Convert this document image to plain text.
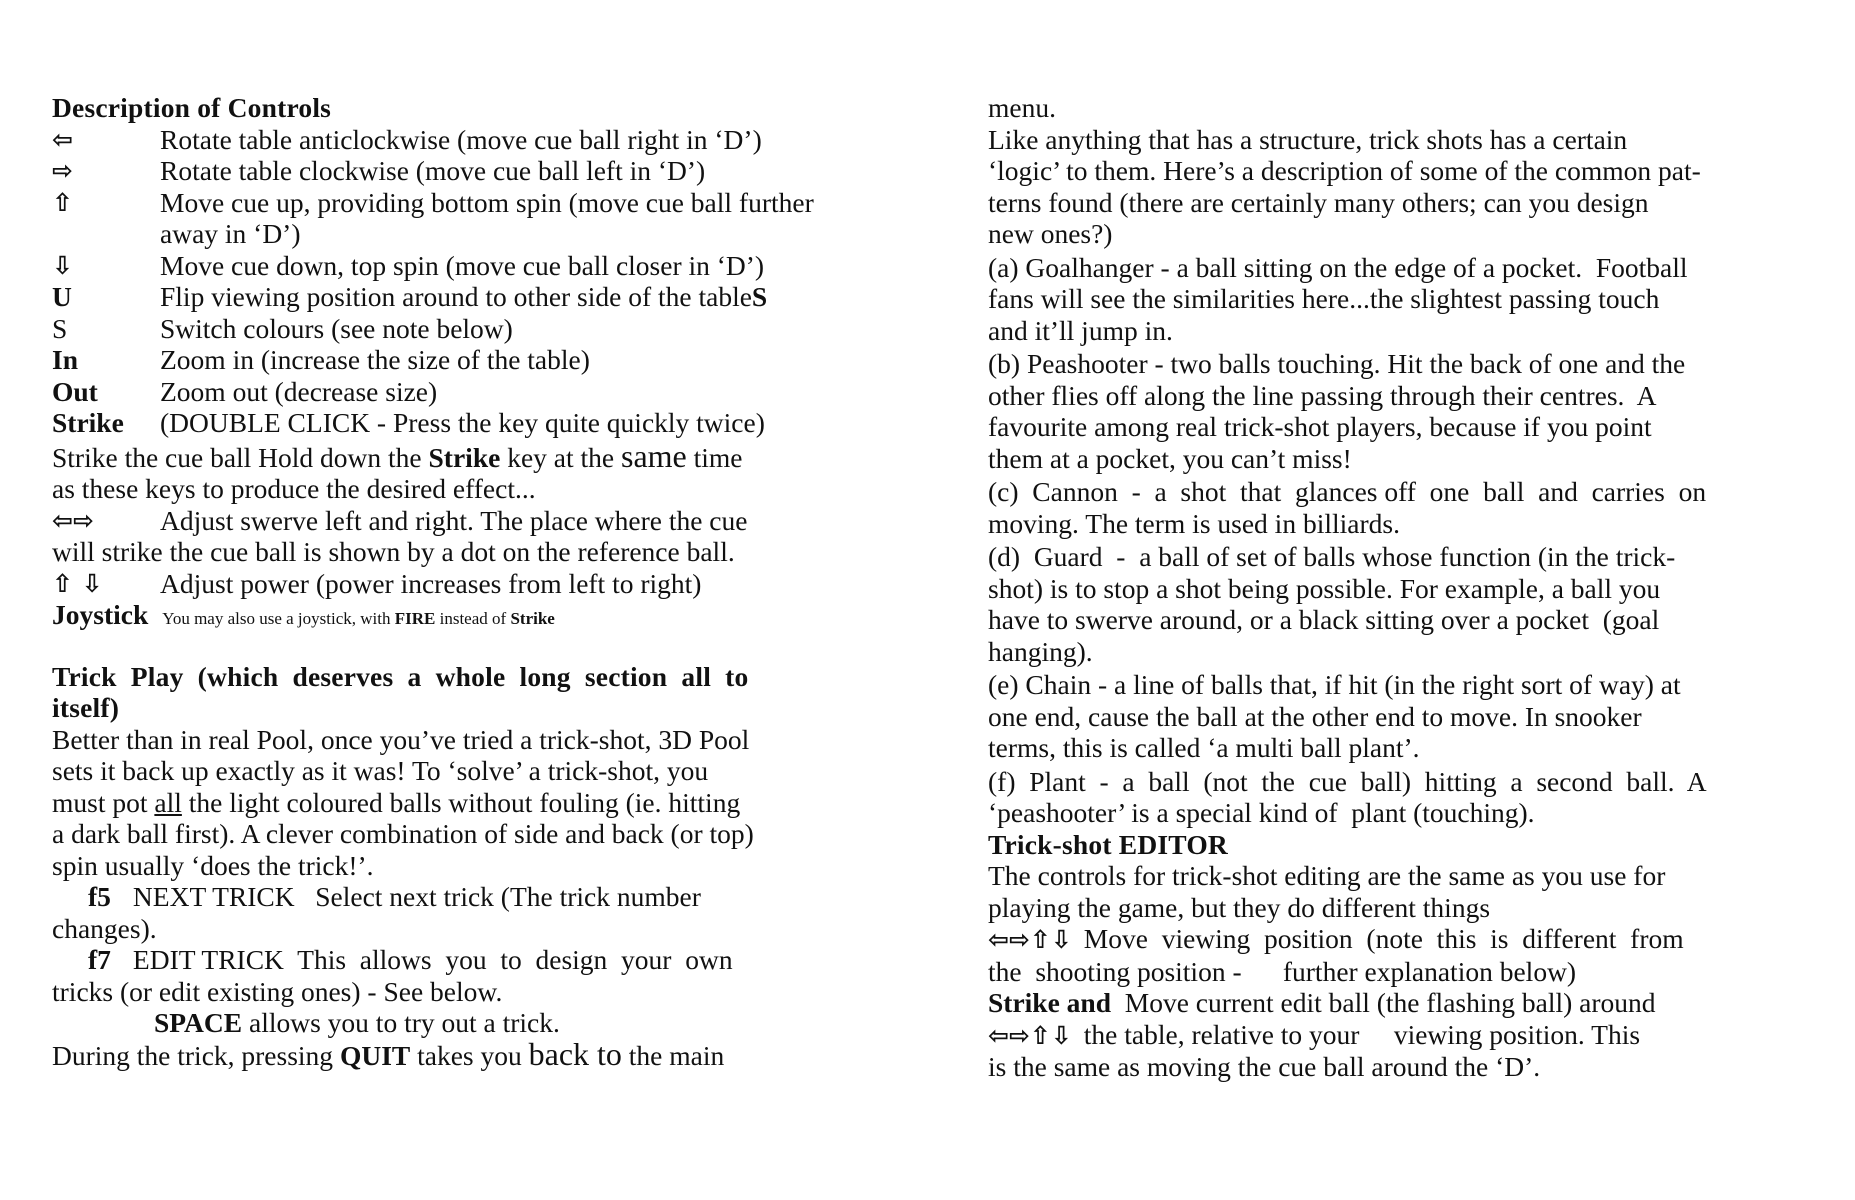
Description of Controls
⇦	Rotate table anticlockwise (move cue ball right in ‘D’)
⇨	Rotate table clockwise (move cue ball left in ‘D’)
⇧	Move cue up, providing bottom spin (move cue ball further away in ‘D’)
⇩	Move cue down, top spin (move cue ball closer in ‘D’)
U	Flip viewing position around to other side of the tableS
S	Switch colours (see note below)
In	Zoom in (increase the size of the table)
Out	Zoom out (decrease size)
Strike	(DOUBLE CLICK - Press the key quite quickly twice)
Strike the cue ball Hold down the Strike key at the same time
as these keys to produce the desired effect...
⇦⇨	Adjust swerve left and right. The place where the cue
will strike the cue ball is shown by a dot on the reference ball.
⇧ ⇩	Adjust power (power increases from left to right)
Joystick You may also use a joystick, with FIRE instead of Strike
Trick  Play  (which  deserves  a  whole  long  section  all  to
itself)
Better than in real Pool, once you’ve tried a trick-shot, 3D Pool
sets it back up exactly as it was! To ‘solve’ a trick-shot, you
must pot all the light coloured balls without fouling (ie. hitting
a dark ball first). A clever combination of side and back (or top)
spin usually ‘does the trick!’.
f5 NEXT TRICK   Select next trick (The trick number
changes).
f7 EDIT TRICK  This  allows  you  to  design  your  own
tricks (or edit existing ones) - See below.
SPACE allows you to try out a trick.
During the trick, pressing QUIT takes you back to the main
menu.
Like anything that has a structure, trick shots has a certain
‘logic’ to them. Here’s a description of some of the common pat-
terns found (there are certainly many others; can you design
new ones?)
(a) Goalhanger - a ball sitting on the edge of a pocket.  Football
fans will see the similarities here...the slightest passing touch
and it’ll jump in.
(b) Peashooter - two balls touching. Hit the back of one and the
other flies off along the line passing through their centres.  A
favourite among real trick-shot players, because if you point
them at a pocket, you can’t miss!
(c)  Cannon  -  a  shot  that  glances off  one  ball  and  carries  on
moving. The term is used in billiards.
(d)  Guard  -  a ball of set of balls whose function (in the trick-
shot) is to stop a shot being possible. For example, a ball you
have to swerve around, or a black sitting over a pocket  (goal
hanging).
(e) Chain - a line of balls that, if hit (in the right sort of way) at
one end, cause the ball at the other end to move. In snooker
terms, this is called ‘a multi ball plant’.
(f)  Plant  -  a  ball  (not  the  cue  ball)  hitting  a  second  ball.  A
‘peashooter’ is a special kind of  plant (touching).
Trick-shot EDITOR
The controls for trick-shot editing are the same as you use for
playing the game, but they do different things
⇦⇨⇧⇩ Move  viewing  position  (note  this  is  different  from
the  shooting position -      further explanation below)
Strike and  Move current edit ball (the flashing ball) around
⇦⇨⇧⇩ the table, relative to your     viewing position. This
is the same as moving the cue ball around the ‘D’.
